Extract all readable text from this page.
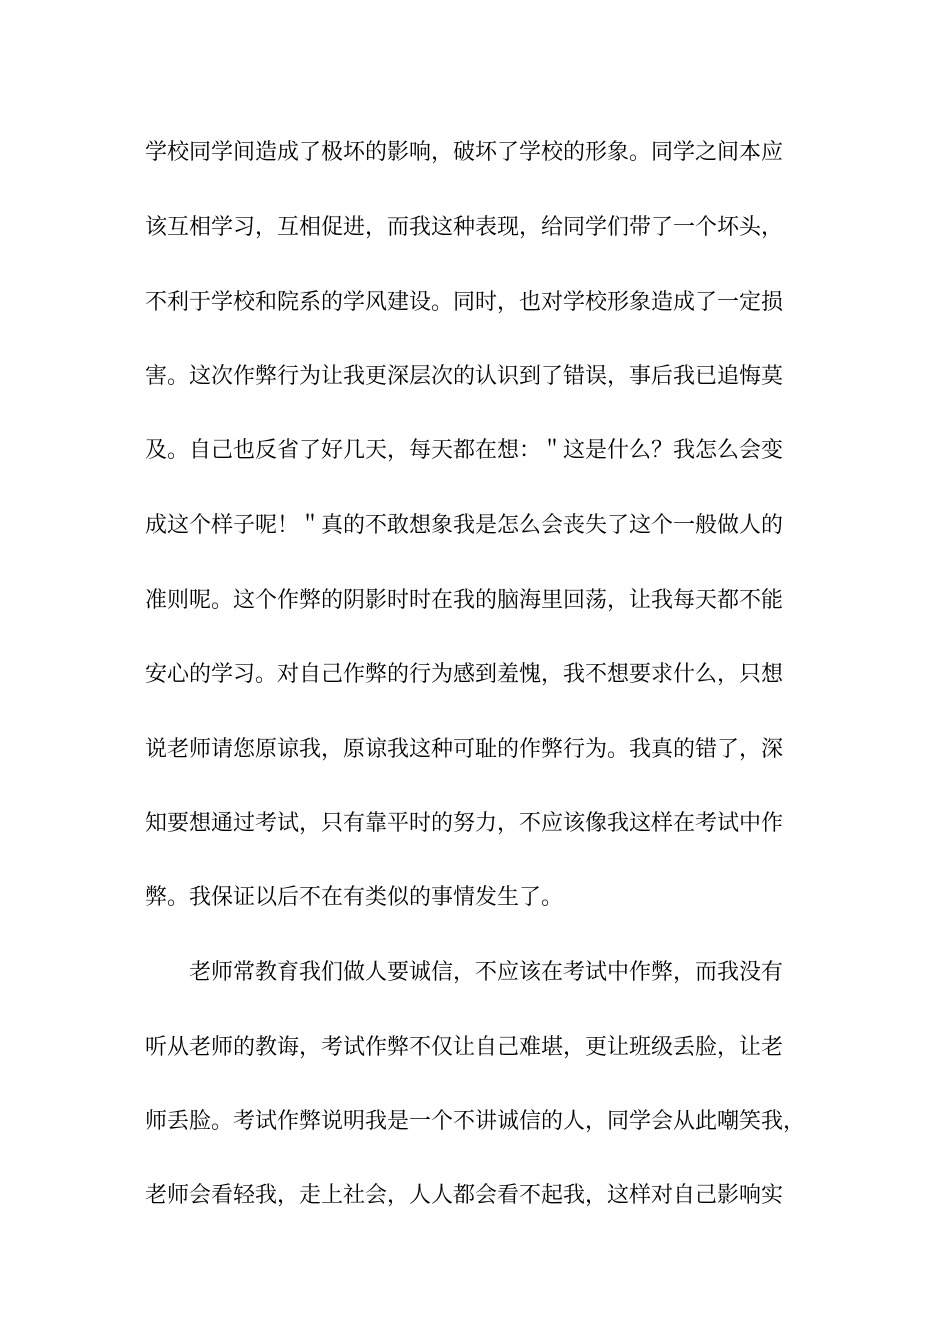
学校同学间造成了极坏的影响，破坏了学校的形象。同学之间本应
该互相学习，互相促进，而我这种表现，给同学们带了一个坏头，
不利于学校和院系的学风建设。同时，也对学校形象造成了一定损
害。这次作弊行为让我更深层次的认识到了错误，事后我已追悔莫
及。自己也反省了好几天，每天都在想：＂这是什么？我怎么会变
成这个样子呢！＂真的不敢想象我是怎么会丧失了这个一般做人的
准则呢。这个作弊的阴影时时在我的脑海里回荡，让我每天都不能
安心的学习。对自己作弊的行为感到羞愧，我不想要求什么，只想
说老师请您原谅我，原谅我这种可耻的作弊行为。我真的错了，深
知要想通过考试，只有靠平时的努力，不应该像我这样在考试中作
弊。我保证以后不在有类似的事情发生了。
老师常教育我们做人要诚信，不应该在考试中作弊，而我没有
听从老师的教诲，考试作弊不仅让自己难堪，更让班级丢脸，让老
师丢脸。考试作弊说明我是一个不讲诚信的人，同学会从此嘲笑我，
老师会看轻我，走上社会，人人都会看不起我，这样对自己影响实
